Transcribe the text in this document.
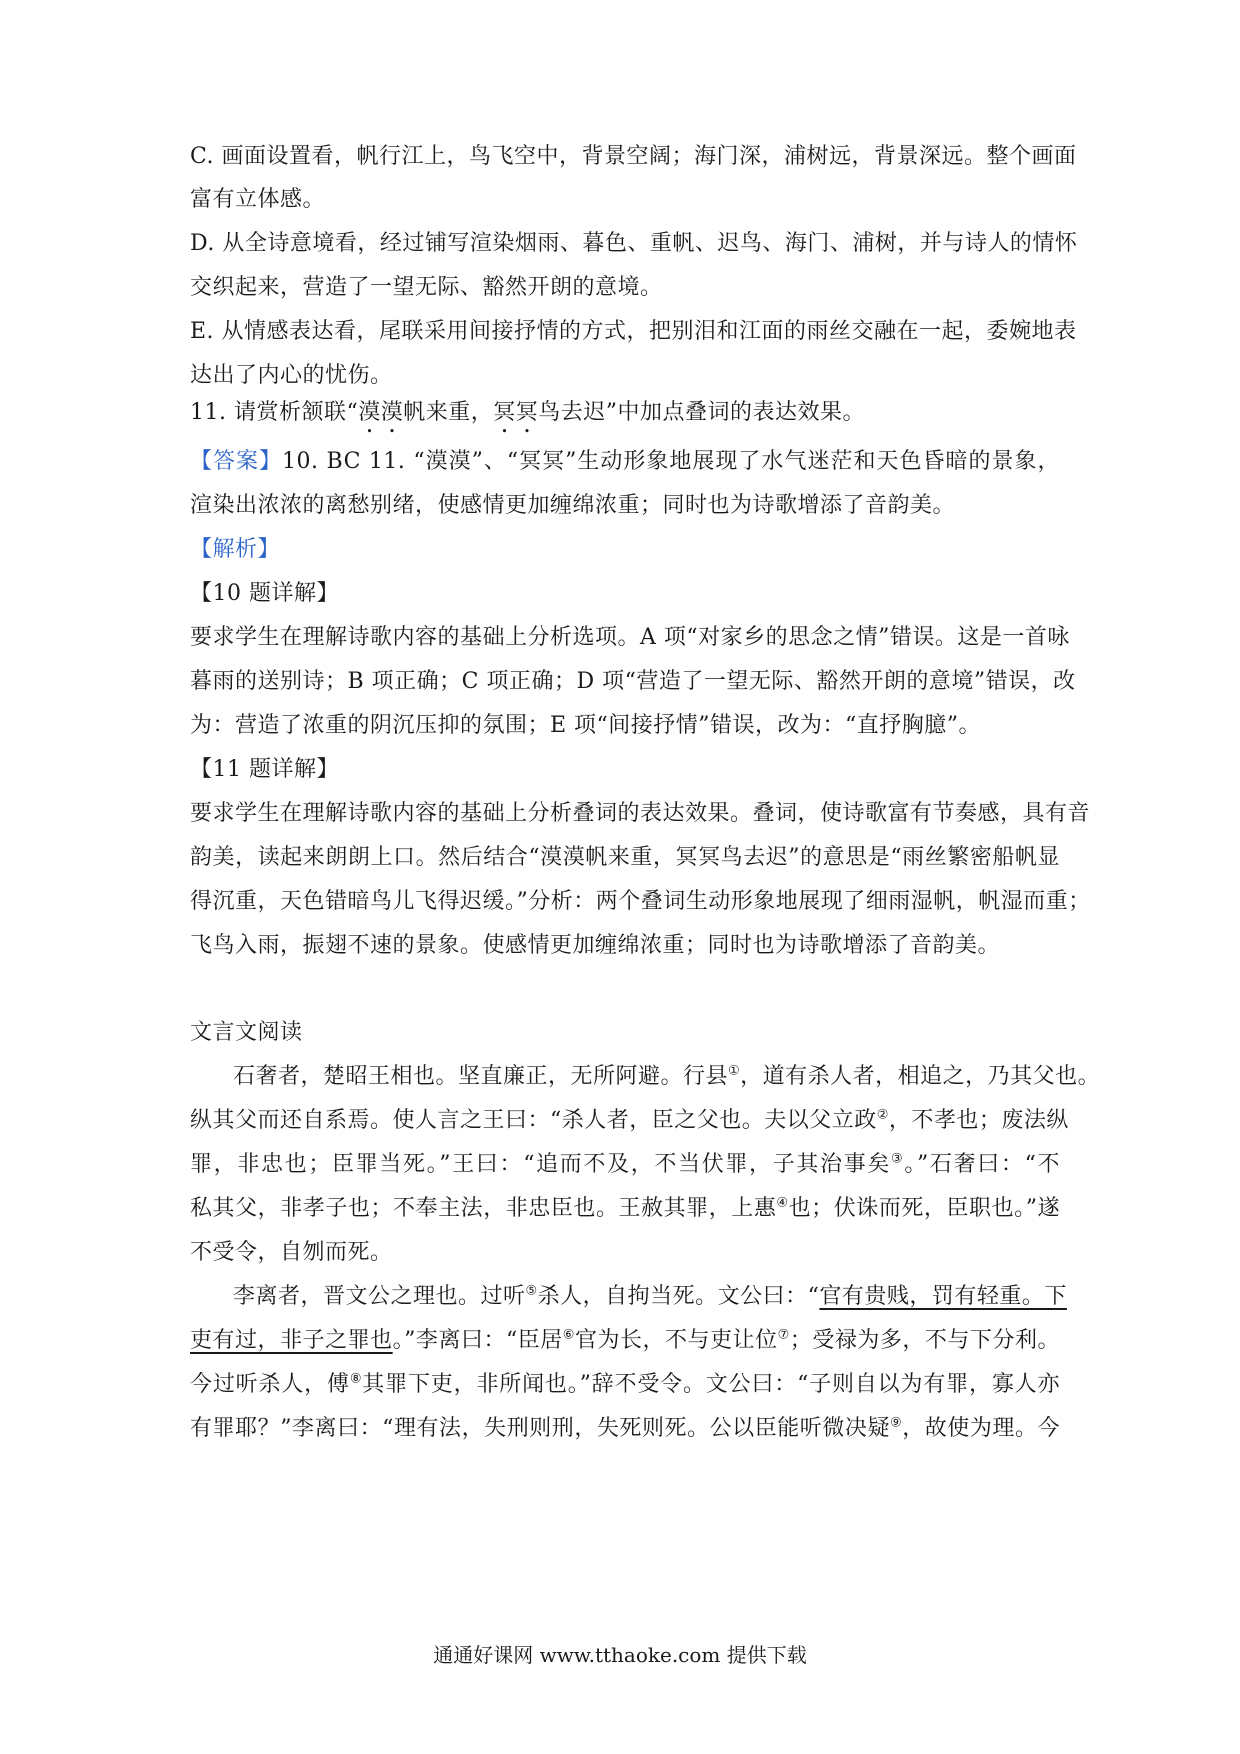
C. 画面设置看，帆行江上，鸟飞空中，背景空阔；海门深，浦树远，背景深远。整个画面
富有立体感。
D. 从全诗意境看，经过铺写渲染烟雨、暮色、重帆、迟鸟、海门、浦树，并与诗人的情怀
交织起来，营造了一望无际、豁然开朗的意境。
E. 从情感表达看，尾联采用间接抒情的方式，把别泪和江面的雨丝交融在一起，委婉地表
达出了内心的忧伤。
11. 请赏析颔联“漠漠帆来重，冥冥鸟去迟”中加点叠词的表达效果。
【答案】10. BC 11. “漠漠”、“冥冥”生动形象地展现了水气迷茫和天色昏暗的景象，
渲染出浓浓的离愁别绪，使感情更加缠绵浓重；同时也为诗歌增添了音韵美。
【解析】
【10 题详解】
要求学生在理解诗歌内容的基础上分析选项。A 项“对家乡的思念之情”错误。这是一首咏
暮雨的送别诗；B 项正确；C 项正确；D 项“营造了一望无际、豁然开朗的意境”错误，改
为：营造了浓重的阴沉压抑的氛围；E 项“间接抒情”错误，改为：“直抒胸臆”。
【11 题详解】
要求学生在理解诗歌内容的基础上分析叠词的表达效果。叠词，使诗歌富有节奏感，具有音
韵美，读起来朗朗上口。然后结合“漠漠帆来重，冥冥鸟去迟”的意思是“雨丝繁密船帆显
得沉重，天色错暗鸟儿飞得迟缓。”分析：两个叠词生动形象地展现了细雨湿帆，帆湿而重；
飞鸟入雨，振翅不速的景象。使感情更加缠绵浓重；同时也为诗歌增添了音韵美。
文言文阅读
石奢者，楚昭王相也。坚直廉正，无所阿避。行县①，道有杀人者，相追之，乃其父也。
纵其父而还自系焉。使人言之王曰：“杀人者，臣之父也。夫以父立政②，不孝也；废法纵
罪，非忠也；臣罪当死。”王曰：“追而不及，不当伏罪，子其治事矣③。”石奢曰：“不
私其父，非孝子也；不奉主法，非忠臣也。王赦其罪，上惠④也；伏诛而死，臣职也。”遂
不受令，自刎而死。
李离者，晋文公之理也。过听⑤杀人，自拘当死。文公曰：“官有贵贱，罚有轻重。下
吏有过，非子之罪也。”李离曰：“臣居⑥官为长，不与吏让位⑦；受禄为多，不与下分利。
今过听杀人，傅⑧其罪下吏，非所闻也。”辞不受令。文公曰：“子则自以为有罪，寡人亦
有罪耶？”李离曰：“理有法，失刑则刑，失死则死。公以臣能听微决疑⑨，故使为理。今
通通好课网 www.tthaoke.com 提供下载
